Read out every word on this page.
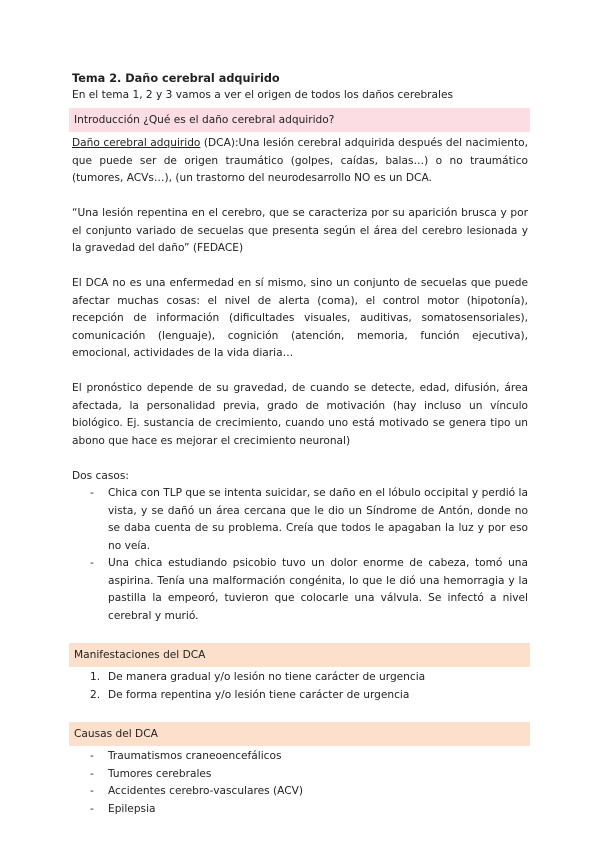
Tema 2. Daño cerebral adquirido
En el tema 1, 2 y 3 vamos a ver el origen de todos los daños cerebrales
Introducción ¿Qué es el daño cerebral adquirido?

Daño cerebral adquirido (DCA):Una lesión cerebral adquirida después del nacimiento, que puede ser de origen traumático (golpes, caídas, balas…) o no traumático (tumores, ACVs…), (un trastorno del neurodesarrollo NO es un DCA.

“Una lesión repentina en el cerebro, que se caracteriza por su aparición brusca y por el conjunto variado de secuelas que presenta según el área del cerebro lesionada y la gravedad del daño” (FEDACE)

El DCA no es una enfermedad en sí mismo, sino un conjunto de secuelas que puede afectar muchas cosas: el nivel de alerta (coma), el control motor (hipotonía), recepción de información (dificultades visuales, auditivas, somatosensoriales), comunicación (lenguaje), cognición (atención, memoria, función ejecutiva), emocional, actividades de la vida diaria…

El pronóstico depende de su gravedad, de cuando se detecte, edad, difusión, área afectada, la personalidad previa, grado de motivación (hay incluso un vínculo biológico. Ej. sustancia de crecimiento, cuando uno está motivado se genera tipo un abono que hace es mejorar el crecimiento neuronal)

Dos casos:

- Chica con TLP que se intenta suicidar, se daño en el lóbulo occipital y perdió la vista, y se dañó un área cercana que le dio un Síndrome de Antón, donde no se daba cuenta de su problema. Creía que todos le apagaban la luz y por eso no veía.
- Una chica estudiando psicobio tuvo un dolor enorme de cabeza, tomó una aspirina. Tenía una malformación congénita, lo que le dió una hemorragia y la pastilla la empeoró, tuvieron que colocarle una válvula. Se infectó a nivel cerebral y murió.
Manifestaciones del DCA
1. De manera gradual y/o lesión no tiene carácter de urgencia
2. De forma repentina y/o lesión tiene carácter de urgencia
Causas del DCA
- Traumatismos craneoencefálicos
- Tumores cerebrales
- Accidentes cerebro-vasculares (ACV)
- Epilepsia
